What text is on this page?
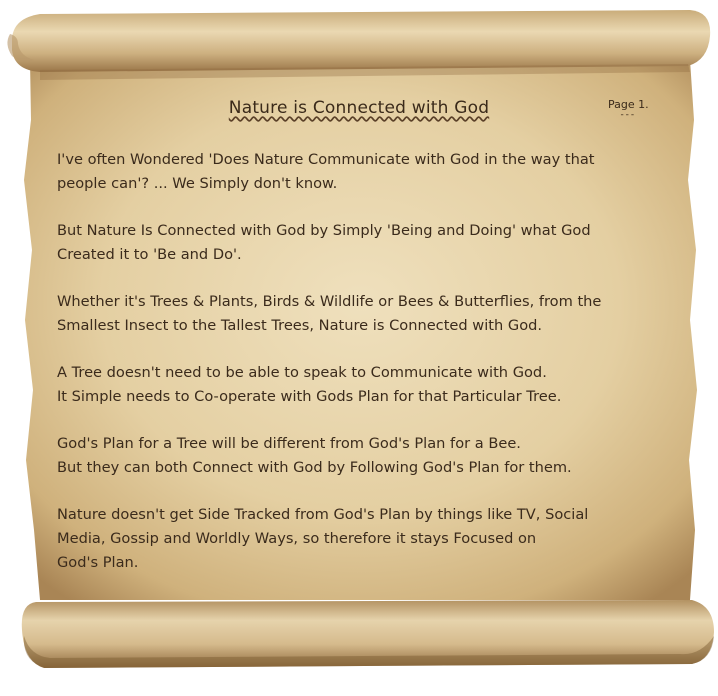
Nature is Connected with God	Page 1.
---
I've often Wondered 'Does Nature Communicate with God in the way that
people can'? ... We Simply don't know.
But Nature Is Connected with God by Simply 'Being and Doing' what God
Created it to 'Be and Do'.
Whether it's Trees & Plants, Birds & Wildlife or Bees & Butterflies, from the
Smallest Insect to the Tallest Trees, Nature is Connected with God.
A Tree doesn't need to be able to speak to Communicate with God.
It Simple needs to Co-operate with Gods Plan for that Particular Tree.
God's Plan for a Tree will be different from God's Plan for a Bee.
But they can both Connect with God by Following God's Plan for them.
Nature doesn't get Side Tracked from God's Plan by things like TV, Social
Media, Gossip and Worldly Ways, so therefore it stays Focused on
God's Plan.
